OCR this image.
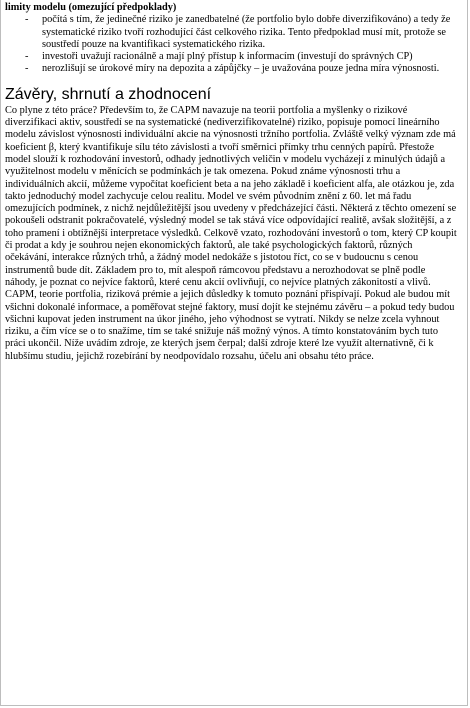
limity modelu (omezující předpoklady)

- počítá s tím, že jedinečné riziko je zanedbatelné (že portfolio bylo dobře diverzifikováno) a tedy že systematické riziko tvoří rozhodující část celkového rizika. Tento předpoklad musí mít, protože se soustředí pouze na kvantifikaci systematického rizika.
- investoři uvažují racionálně a mají plný přístup k informacím (investují do správných CP)
- nerozlišují se úrokové míry na depozita a zápůjčky – je uvažována pouze jedna míra výnosnosti.
Závěry, shrnutí a zhodnocení

Co plyne z této práce? Především to, že CAPM navazuje na teorii portfolia a myšlenky o rizikové diverzifikaci aktiv, soustředí se na systematické (nediverzifikovatelné) riziko, popisuje pomocí lineárního modelu závislost výnosnosti individuální akcie na výnosnosti tržního portfolia. Zvláště velký význam zde má koeficient β, který kvantifikuje sílu této závislosti a tvoří směrnici přímky trhu cenných papírů. Přestože model slouží k rozhodování investorů, odhady jednotlivých veličin v modelu vycházejí z minulých údajů a využitelnost modelu v měnících se podmínkách je tak omezena. Pokud známe výnosnosti trhu a individuálních akcií, můžeme vypočítat koeficient beta a na jeho základě i koeficient alfa, ale otázkou je, zda takto jednoduchý model zachycuje celou realitu. Model ve svém původním znění z 60. let má řadu omezujících podmínek, z nichž nejdůležitější jsou uvedeny v předcházející části. Některá z těchto omezení se pokoušeli odstranit pokračovatelé, výsledný model se tak stává více odpovídající realitě, avšak složitější, a z toho pramení i obtížnější interpretace výsledků. Celkově vzato, rozhodování investorů o tom, který CP koupit či prodat a kdy je souhrou nejen ekonomických faktorů, ale také psychologických faktorů, různých očekávání, interakce různých trhů, a žádný model nedokáže s jistotou říct, co se v budoucnu s cenou instrumentů bude dít. Základem pro to, mít alespoň rámcovou představu a nerozhodovat se plně podle náhody, je poznat co nejvíce faktorů, které cenu akcií ovlivňují, co nejvíce platných zákonitostí a vlivů. CAPM, teorie portfolia, riziková prémie a jejich důsledky k tomuto poznání přispívají. Pokud ale budou mít všichni dokonalé informace, a poměřovat stejné faktory, musí dojít ke stejnému závěru – a pokud tedy budou všichni kupovat jeden instrument na úkor jiného, jeho výhodnost se vytratí. Nikdy se nelze zcela vyhnout riziku, a čím více se o to snažíme, tím se také snižuje náš možný výnos. A tímto konstatováním bych tuto práci ukončil. Níže uvádím zdroje, ze kterých jsem čerpal; další zdroje které lze využít alternativně, či k hlubšímu studiu, jejichž rozebírání by neodpovídalo rozsahu, účelu ani obsahu této práce.
